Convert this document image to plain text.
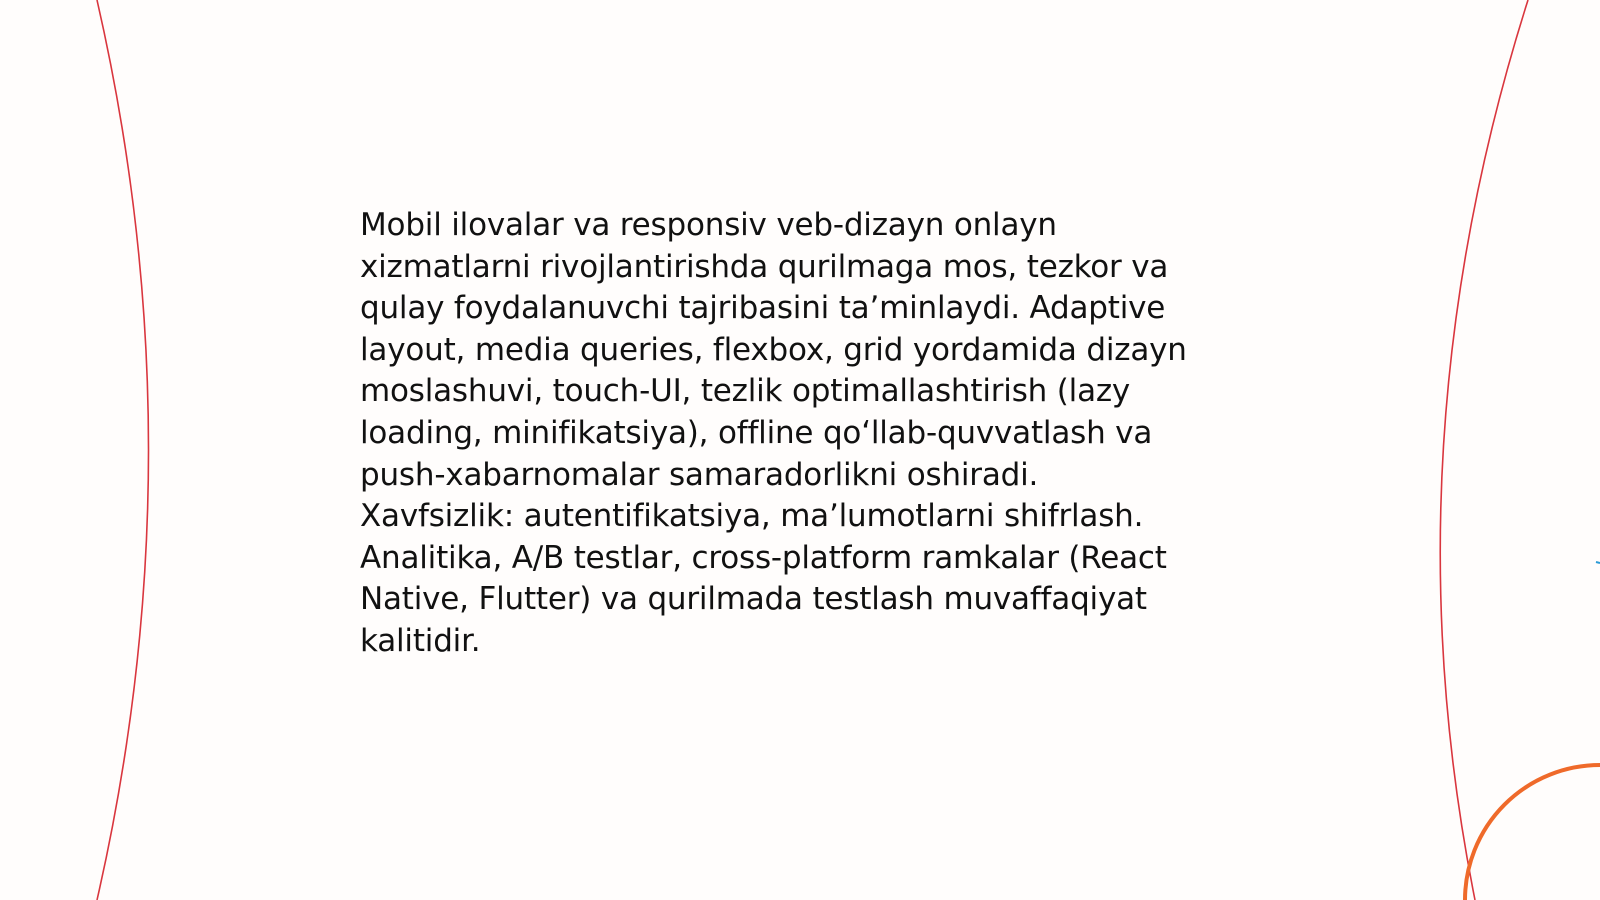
Mobil ilovalar va responsiv veb-dizayn onlayn
xizmatlarni rivojlantirishda qurilmaga mos, tezkor va
qulay foydalanuvchi tajribasini ta’minlaydi. Adaptive
layout, media queries, flexbox, grid yordamida dizayn
moslashuvi, touch-UI, tezlik optimallashtirish (lazy
loading, minifikatsiya), offline qo‘llab-quvvatlash va
push-xabarnomalar samaradorlikni oshiradi.
Xavfsizlik: autentifikatsiya, ma’lumotlarni shifrlash.
Analitika, A/B testlar, cross-platform ramkalar (React
Native, Flutter) va qurilmada testlash muvaffaqiyat
kalitidir.
